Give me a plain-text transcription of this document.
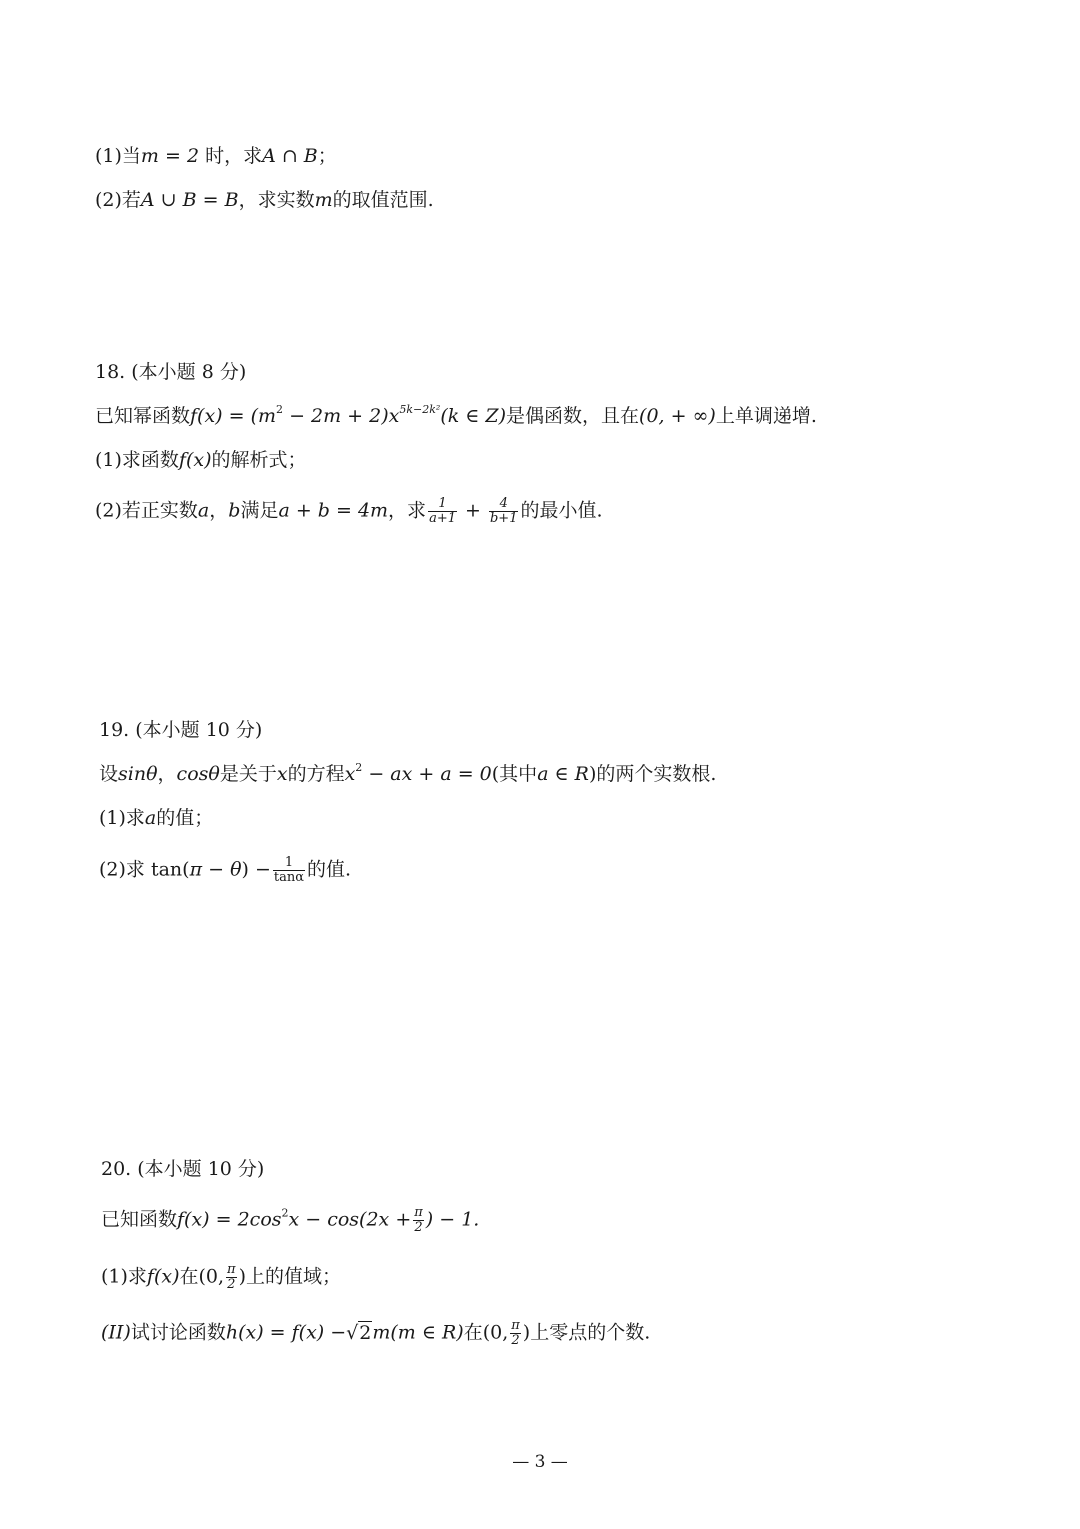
(1)当m = 2 时，求A ∩ B；
(2)若A ∪ B = B，求实数m的取值范围.
18. (本小题 8 分)
已知幂函数$f(x) = (m^2 - 2m + 2)x^{5k-2k^2}(k$ ∈ Z)是偶函数，且在(0, + ∞)上单调递增.
(1)求函数f(x)的解析式；
(2)若正实数a，b满足a + b = 4m，求 $\frac{1}{a+1} + \frac{4}{b+1}$ 的最小值.
19. (本小题 10 分)
设sinθ，cosθ是关于x的方程$x^2$ − ax + a = 0(其中a ∈ R)的两个实数根.
(1)求a的值；
(2)求 $\tan(\pi - \theta) - \frac{1}{\tan\alpha}$ 的值.
20. (本小题 10 分)
已知函数$f(x) = 2\cos^2x - \cos(2x + \frac{\pi}{2}$ ) − 1.
(1)求f(x)在(0, $\frac{\pi}{2}$ )上的值域；
(II)试讨论函数h(x) = f(x) −√2m(m ∈ R)在(0, $\frac{\pi}{2}$ )上零点的个数.
— 3 —
